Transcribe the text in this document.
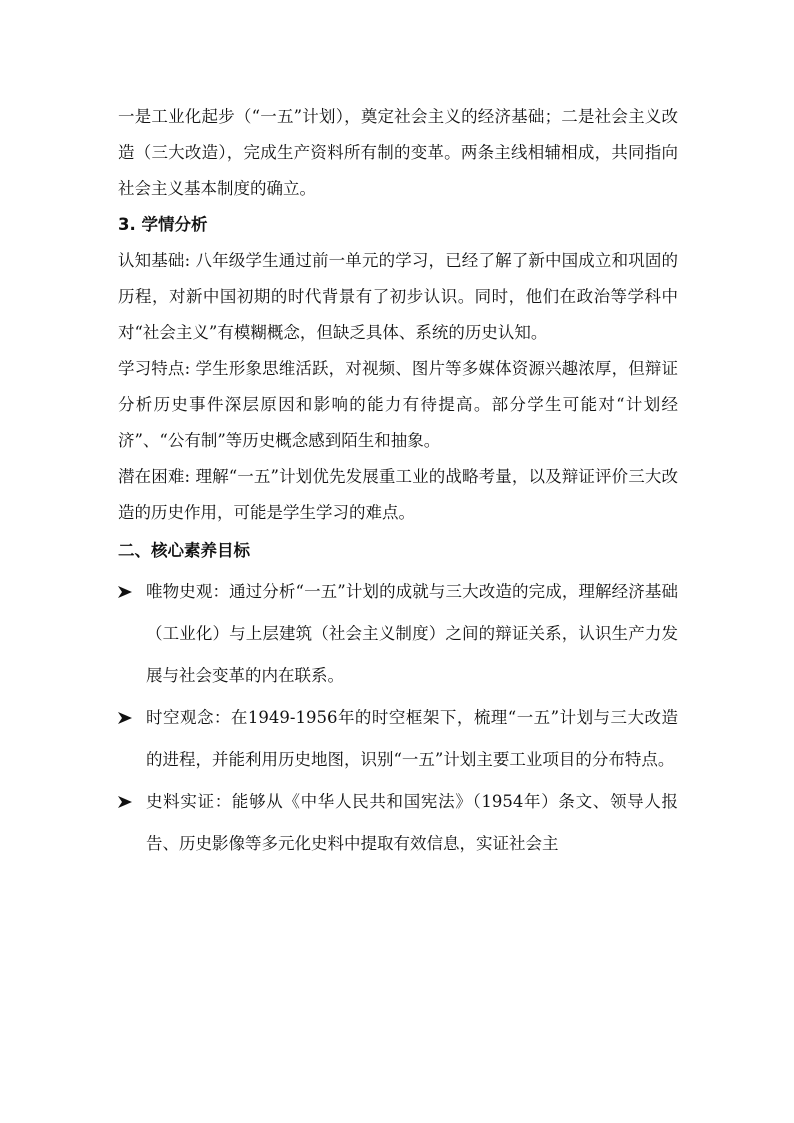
一是工业化起步（“一五”计划），奠定社会主义的经济基础；二是社会主义改造（三大改造），完成生产资料所有制的变革。两条主线相辅相成，共同指向社会主义基本制度的确立。

3. 学情分析

认知基础: 八年级学生通过前一单元的学习，已经了解了新中国成立和巩固的历程，对新中国初期的时代背景有了初步认识。同时，他们在政治等学科中对“社会主义”有模糊概念，但缺乏具体、系统的历史认知。

学习特点: 学生形象思维活跃，对视频、图片等多媒体资源兴趣浓厚，但辩证分析历史事件深层原因和影响的能力有待提高。部分学生可能对“计划经济”、“公有制”等历史概念感到陌生和抽象。

潜在困难: 理解“一五”计划优先发展重工业的战略考量，以及辩证评价三大改造的历史作用，可能是学生学习的难点。

二、核心素养目标

唯物史观：通过分析“一五”计划的成就与三大改造的完成，理解经济基础（工业化）与上层建筑（社会主义制度）之间的辩证关系，认识生产力发展与社会变革的内在联系。
时空观念：在1949-1956年的时空框架下，梳理“一五”计划与三大改造的进程，并能利用历史地图，识别“一五”计划主要工业项目的分布特点。
史料实证：能够从《中华人民共和国宪法》（1954年）条文、领导人报告、历史影像等多元化史料中提取有效信息，实证社会主
